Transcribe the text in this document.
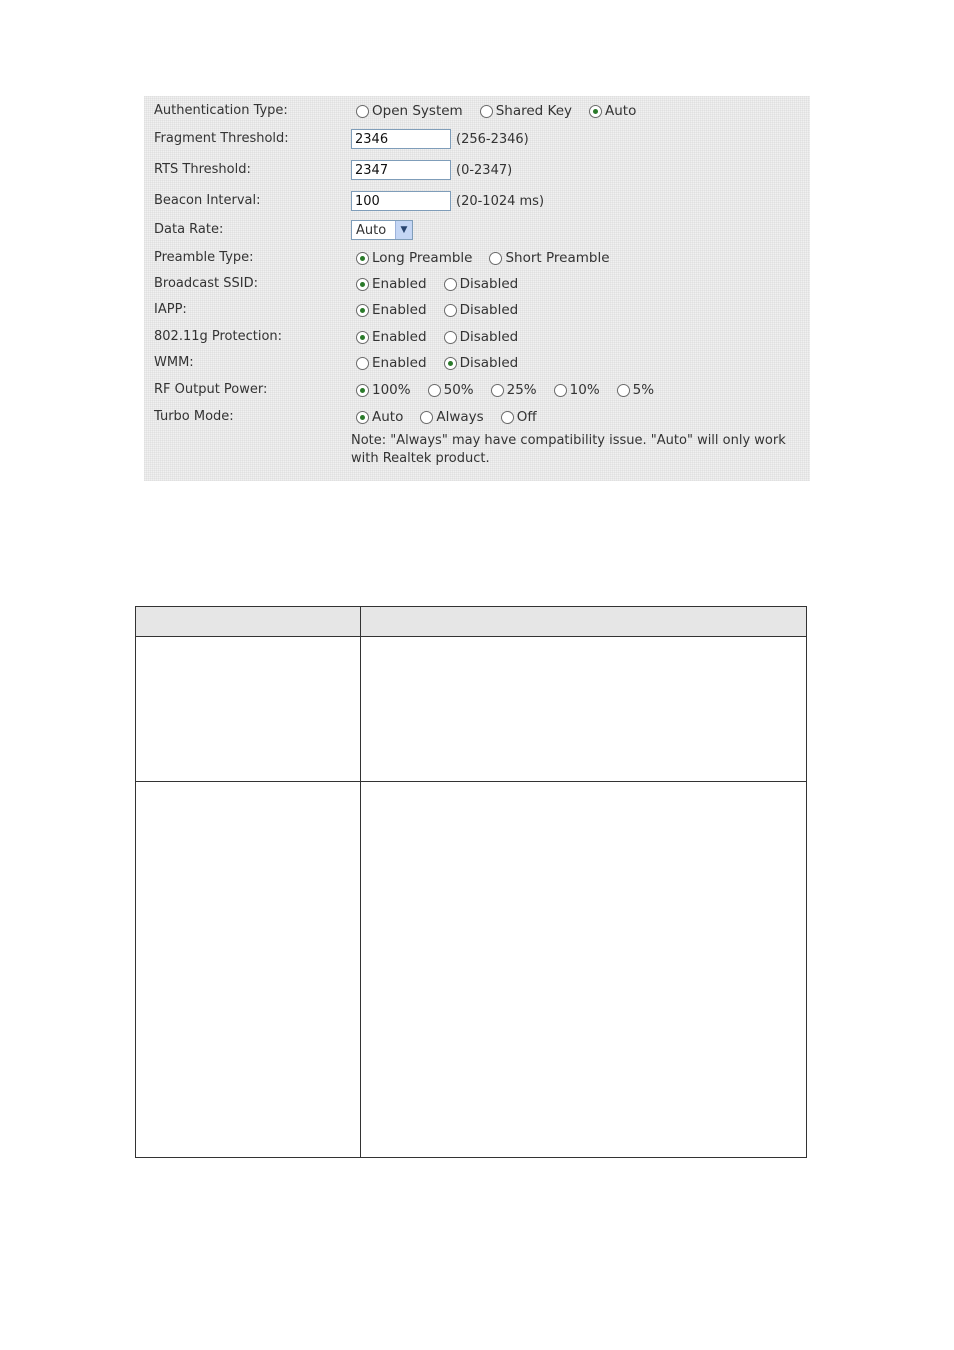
Authentication Type:	Open System Shared Key Auto
Fragment Threshold:	2346	(256-2346)
RTS Threshold:	2347	(0-2347)
Beacon Interval:	100	(20-1024 ms)
Data Rate:	Auto	▼
Preamble Type:	Long Preamble Short Preamble
Broadcast SSID:	Enabled Disabled
IAPP:	Enabled Disabled
802.11g Protection:	Enabled Disabled
WMM:	Enabled Disabled
RF Output Power:	100% 50% 25% 10% 5%
Turbo Mode:	Auto Always Off
Note: "Always" may have compatibility issue. "Auto" will only work with Realtek product.
